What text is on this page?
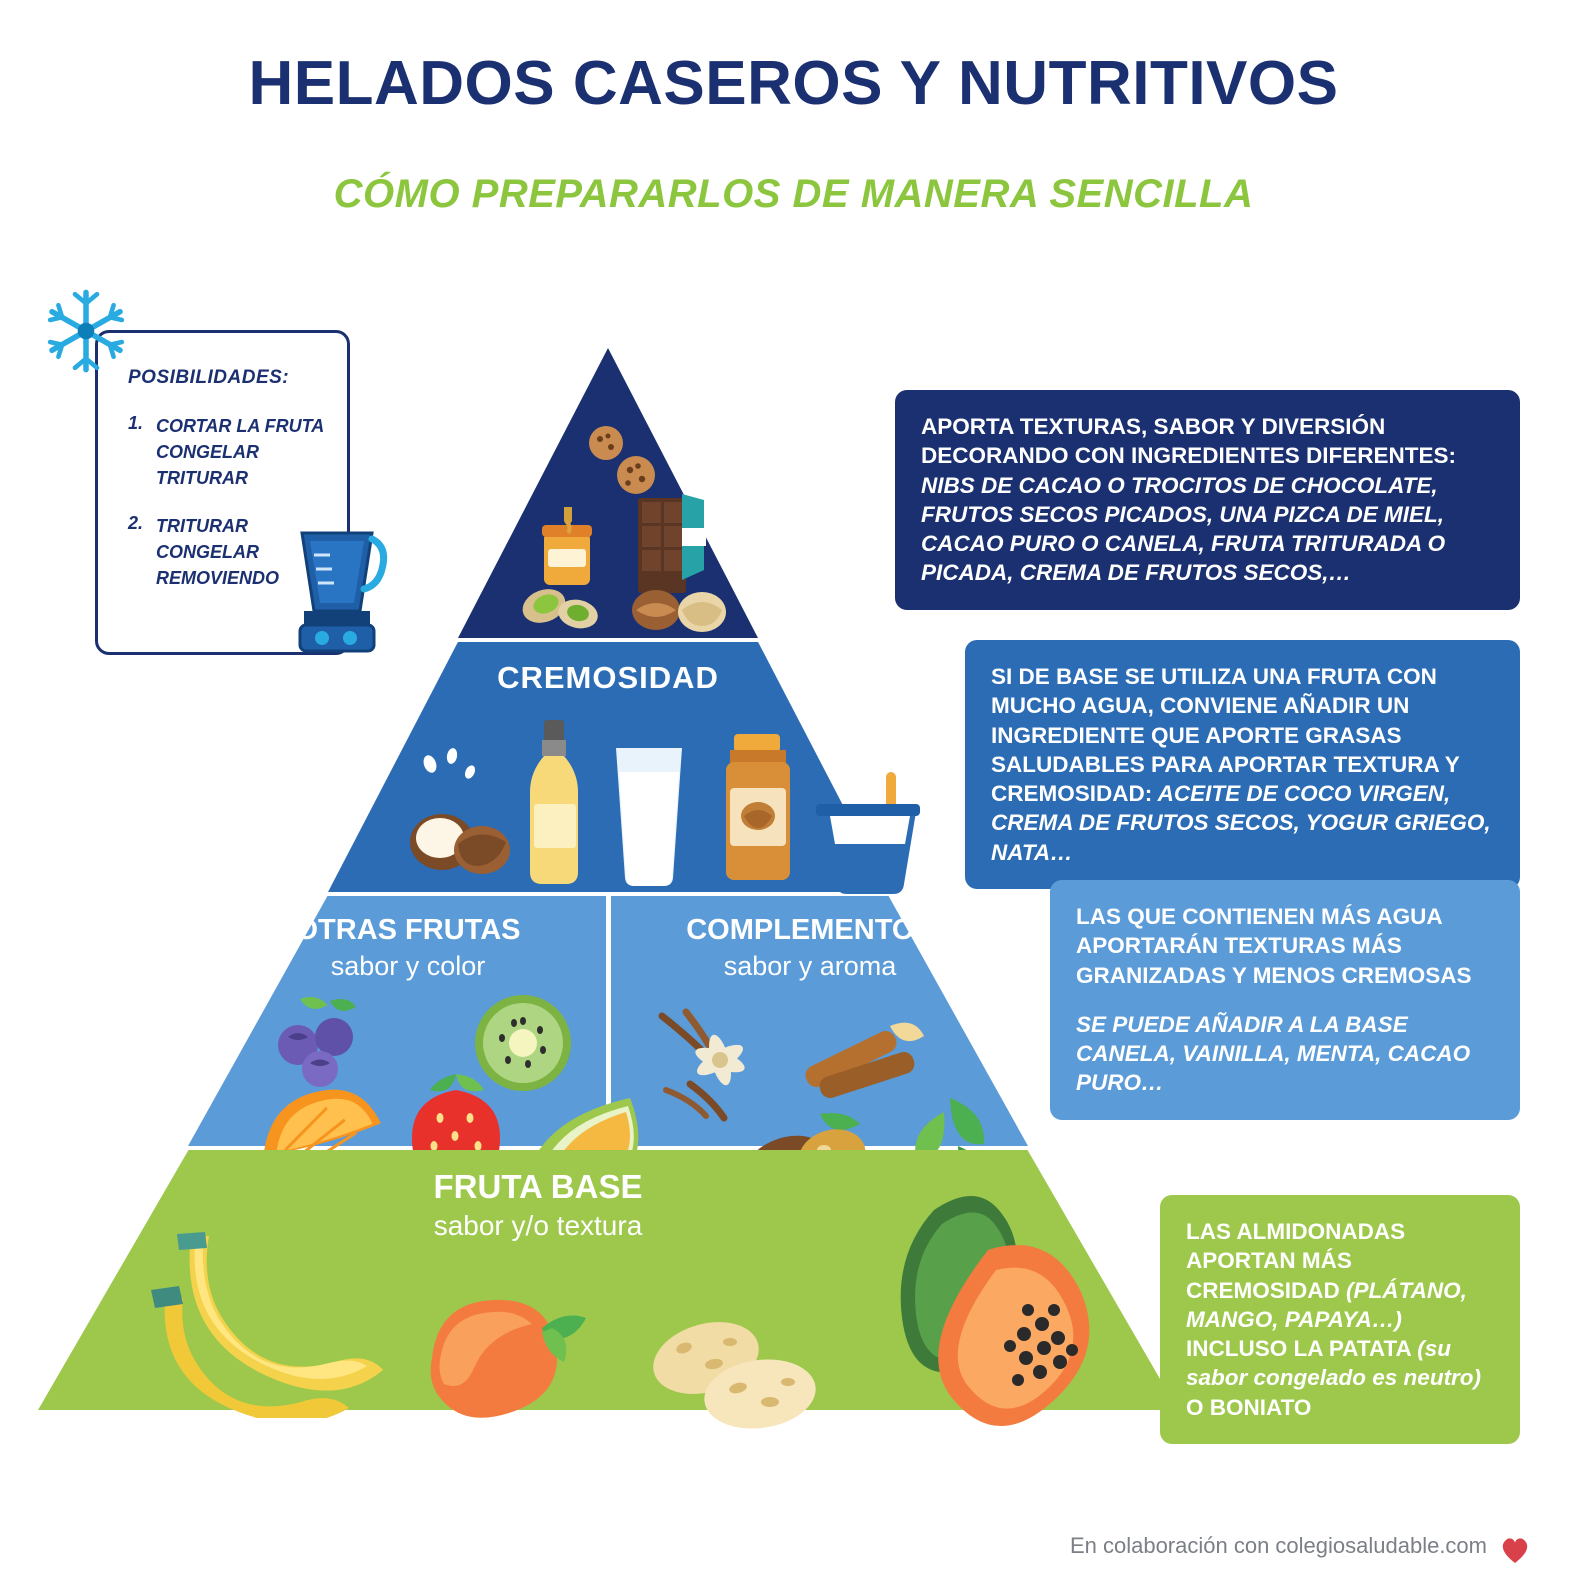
HELADOS CASEROS Y NUTRITIVOS
CÓMO PREPARARLOS DE MANERA SENCILLA
POSIBILIDADES:
1. CORTAR LA FRUTA
CONGELAR
TRITURAR
2. TRITURAR
CONGELAR
REMOVIENDO
CREMOSIDAD
OTRAS FRUTAS
sabor y color
COMPLEMENTOS
sabor y aroma
FRUTA BASE
sabor y/o textura

APORTA TEXTURAS, SABOR Y DIVERSIÓN DECORANDO CON INGREDIENTES DIFERENTES: NIBS DE CACAO O TROCITOS DE CHOCOLATE, FRUTOS SECOS PICADOS, UNA PIZCA DE MIEL, CACAO PURO O CANELA, FRUTA TRITURADA O PICADA, CREMA DE FRUTOS SECOS,…

SI DE BASE SE UTILIZA UNA FRUTA CON MUCHO AGUA, CONVIENE AÑADIR UN INGREDIENTE QUE APORTE GRASAS SALUDABLES PARA APORTAR TEXTURA Y CREMOSIDAD: ACEITE DE COCO VIRGEN, CREMA DE FRUTOS SECOS, YOGUR GRIEGO, NATA…

LAS QUE CONTIENEN MÁS AGUA APORTARÁN TEXTURAS MÁS GRANIZADAS Y MENOS CREMOSAS

SE PUEDE AÑADIR A LA BASE CANELA, VAINILLA, MENTA, CACAO PURO…

LAS ALMIDONADAS APORTAN MÁS CREMOSIDAD (PLÁTANO, MANGO, PAPAYA…) INCLUSO LA PATATA (su sabor congelado es neutro) O BONIATO

En colaboración con colegiosaludable.com
